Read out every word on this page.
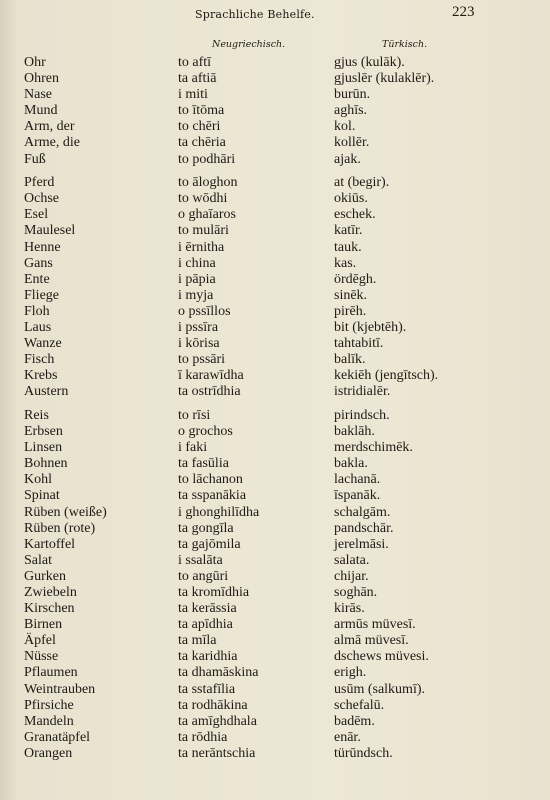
Sprachliche Behelfe.	223
Neugriechisch.	Türkisch.
Ohr	to aftī	gjus (kulāk).
Ohren	ta aftiā	gjuslēr (kulaklēr).
Nase	i miti	burūn.
Mund	to ītōma	aghīs.
Arm, der	to chēri	kol.
Arme, die	ta chēria	kollēr.
Fuß	to podhāri	ajak.
Pferd	to āloghon	at (begir).
Ochse	to wōdhi	okiūs.
Esel	o ghaīaros	eschek.
Maulesel	to mulāri	katīr.
Henne	i ērnitha	tauk.
Gans	i china	kas.
Ente	i pāpia	ördēgh.
Fliege	i myja	sinēk.
Floh	o pssīllos	pirēh.
Laus	i pssīra	bit (kjebtēh).
Wanze	i kōrisa	tahtabitī.
Fisch	to pssāri	balīk.
Krebs	ī karawīdha	kekiēh (jengītsch).
Austern	ta ostrīdhia	istridialēr.
Reis	to rīsi	pirindsch.
Erbsen	o grochos	baklāh.
Linsen	i faki	merdschimēk.
Bohnen	ta fasūlia	bakla.
Kohl	to lāchanon	lachanā.
Spinat	ta sspanākia	īspanāk.
Rüben (weiße)	i ghonghilīdha	schalgām.
Rüben (rote)	ta gongīla	pandschār.
Kartoffel	ta gajōmila	jerelmāsi.
Salat	i ssalāta	salata.
Gurken	to angūri	chijar.
Zwiebeln	ta kromīdhia	soghān.
Kirschen	ta kerāssia	kirās.
Birnen	ta apīdhia	armūs müvesī.
Äpfel	ta mīla	almā müvesī.
Nüsse	ta karidhia	dschews müvesi.
Pflaumen	ta dhamāskina	erigh.
Weintrauben	ta sstafīlia	usūm (salkumī).
Pfirsiche	ta rodhākina	schefalū.
Mandeln	ta amīghdhala	badēm.
Granatäpfel	ta rōdhia	enār.
Orangen	ta nerāntschia	türūndsch.
